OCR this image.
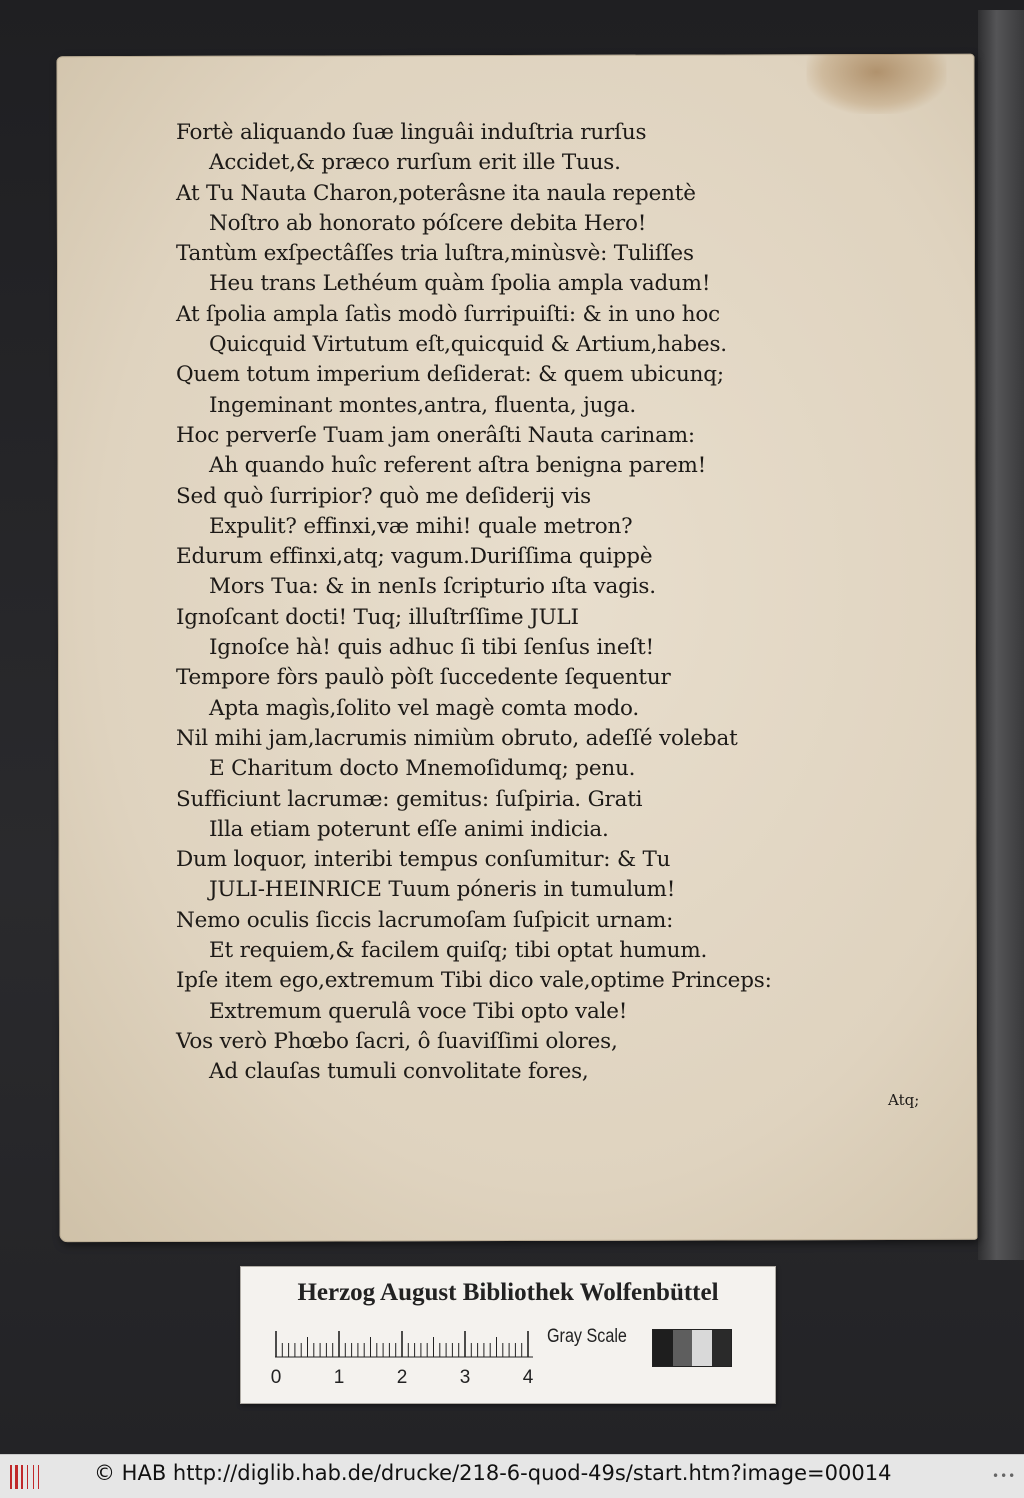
Fortè aliquando ſuæ linguâi induſtria rurſus
Accidet,& præco rurſum erit ille Tuus.
At Tu Nauta Charon,poterâsne ita naula repentè
Noſtro ab honorato póſcere debita Hero!
Tantùm exſpectâſſes tria luſtra,minùsvè: Tuliſſes
Heu trans Lethéum quàm ſpolia ampla vadum!
At ſpolia ampla ſatìs modò ſurripuiſti: & in uno hoc
Quicquid Virtutum eſt,quicquid & Artium,habes.
Quem totum imperium deſiderat: & quem ubicunq;
Ingeminant montes,antra, fluenta, juga.
Hoc perverſe Tuam jam onerâſti Nauta carinam:
Ah quando huîc referent aſtra benigna parem!
Sed quò ſurripior? quò me deſiderij vis
Expulit? effinxi,væ mihi! quale metron?
Edurum effinxi,atq; vagum.Duriſſima quippè
Mors Tua: & in nenIs ſcripturio ıſta vagis.
Ignoſcant docti! Tuq; illuſtrſſime JULI
Ignoſce hà! quis adhuc ſi tibi ſenſus ineſt!
Tempore fòrs paulò pòſt ſuccedente ſequentur
Apta magìs,ſolito vel magè comta modo.
Nil mihi jam,lacrumis nimiùm obruto, adeſſé volebat
E Charitum docto Mnemoſidumq; penu.
Sufficiunt lacrumæ: gemitus: ſuſpiria. Grati
Illa etiam poterunt eſſe animi indicia.
Dum loquor, interibi tempus conſumitur: & Tu
JULI-HEINRICE Tuum póneris in tumulum!
Nemo oculis ſiccis lacrumoſam ſuſpicit urnam:
Et requiem,& facilem quiſq; tibi optat humum.
Ipſe item ego,extremum Tibi dico vale,optime Princeps:
Extremum querulâ voce Tibi opto vale!
Vos verò Phœbo ſacri, ô ſuaviſſimi olores,
Ad clauſas tumuli convolitate fores,
Atq;
Herzog August Bibliothek Wolfenbüttel
0	1	2	3	4
Gray Scale
© HAB http://diglib.hab.de/drucke/218-6-quod-49s/start.htm?image=00014	•••
